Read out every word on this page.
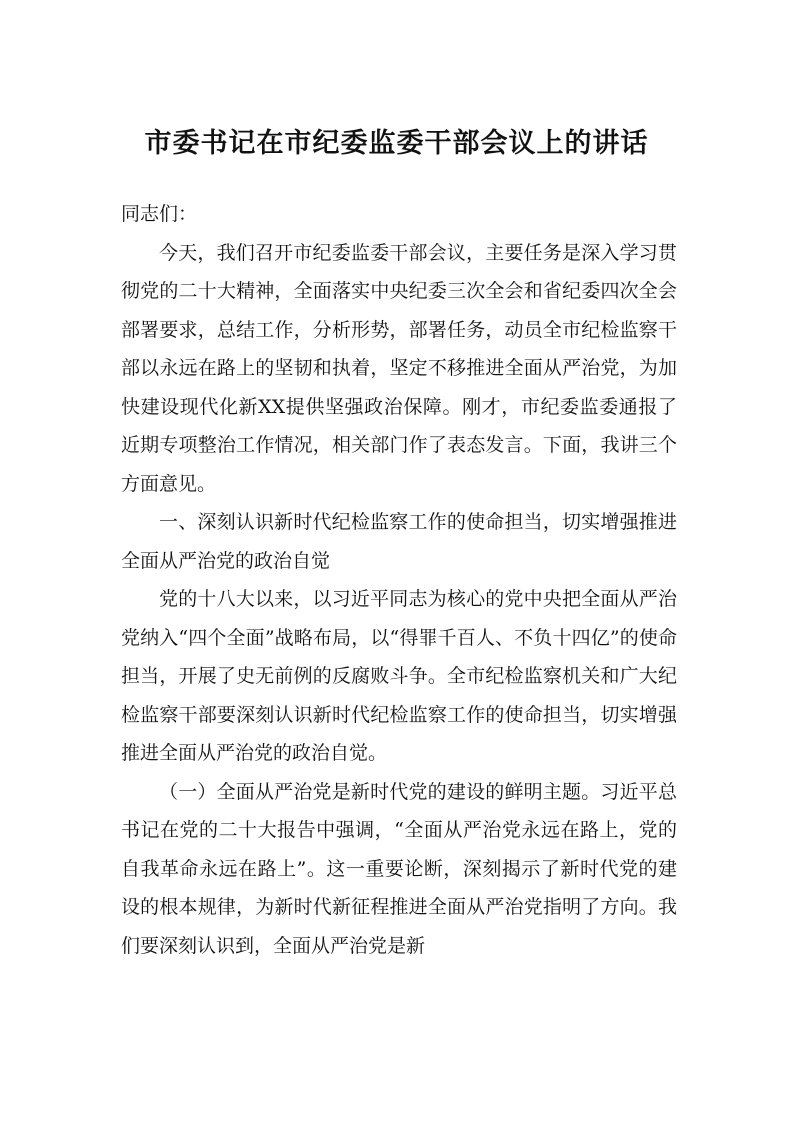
市委书记在市纪委监委干部会议上的讲话

同志们：

今天，我们召开市纪委监委干部会议，主要任务是深入学习贯彻党的二十大精神，全面落实中央纪委三次全会和省纪委四次全会部署要求，总结工作，分析形势，部署任务，动员全市纪检监察干部以永远在路上的坚韧和执着，坚定不移推进全面从严治党，为加快建设现代化新XX提供坚强政治保障。刚才，市纪委监委通报了近期专项整治工作情况，相关部门作了表态发言。下面，我讲三个方面意见。

一、深刻认识新时代纪检监察工作的使命担当，切实增强推进全面从严治党的政治自觉

党的十八大以来，以习近平同志为核心的党中央把全面从严治党纳入“四个全面”战略布局，以“得罪千百人、不负十四亿”的使命担当，开展了史无前例的反腐败斗争。全市纪检监察机关和广大纪检监察干部要深刻认识新时代纪检监察工作的使命担当，切实增强推进全面从严治党的政治自觉。

（一）全面从严治党是新时代党的建设的鲜明主题。习近平总书记在党的二十大报告中强调，“全面从严治党永远在路上，党的自我革命永远在路上”。这一重要论断，深刻揭示了新时代党的建设的根本规律，为新时代新征程推进全面从严治党指明了方向。我们要深刻认识到，全面从严治党是新
